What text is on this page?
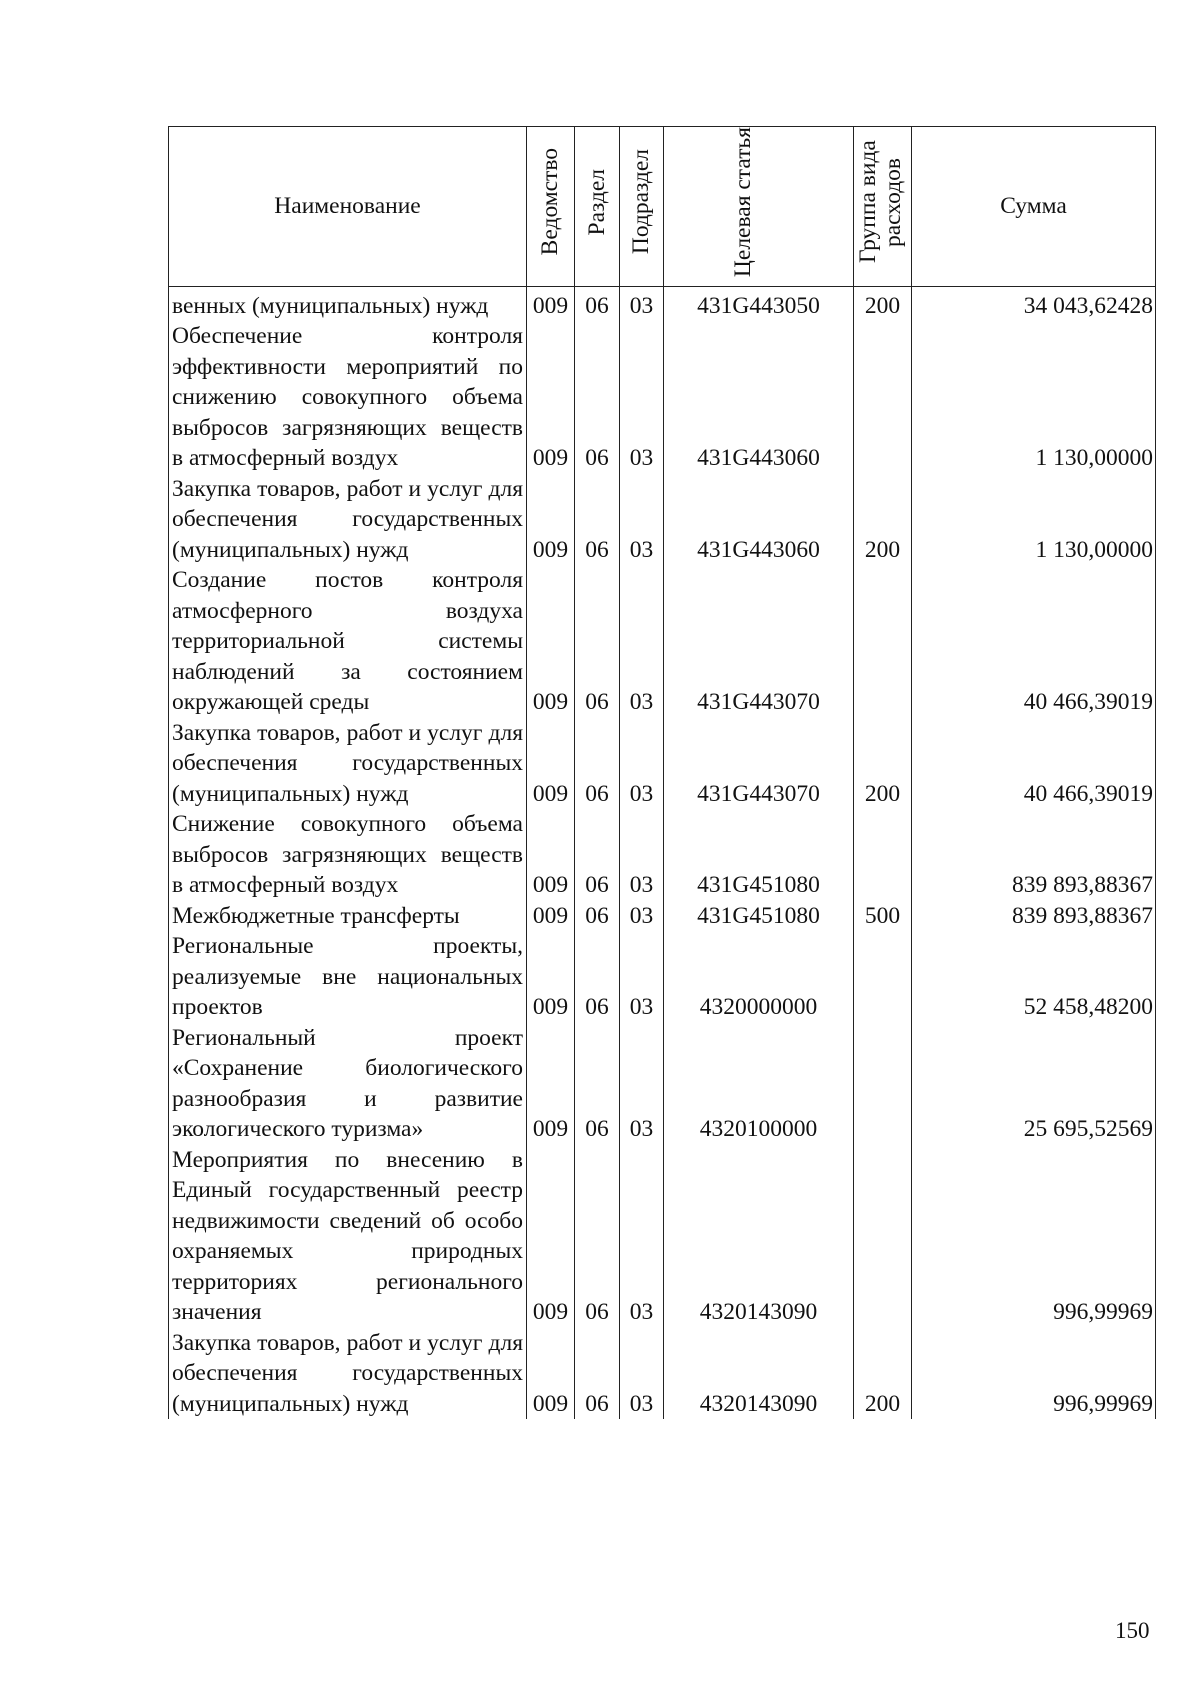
Наименование	Ведомство	Раздел	Подраздел	Целевая статья	Группа вида расходов	Сумма
венных (муниципальных) нужд	009	06	03	431G443050	200	34 043,62428
Обеспечение контроля эффективности мероприятий по снижению совокупного объема выбросов загрязняющих веществ в атмосферный воздух	009	06	03	431G443060		1 130,00000
Закупка товаров, работ и услуг для обеспечения государственных (муниципальных) нужд	009	06	03	431G443060	200	1 130,00000
Создание постов контроля атмосферного воздуха территориальной системы наблюдений за состоянием окружающей среды	009	06	03	431G443070		40 466,39019
Закупка товаров, работ и услуг для обеспечения государственных (муниципальных) нужд	009	06	03	431G443070	200	40 466,39019
Снижение совокупного объема выбросов загрязняющих веществ в атмосферный воздух	009	06	03	431G451080		839 893,88367
Межбюджетные трансферты	009	06	03	431G451080	500	839 893,88367
Региональные проекты, реализуемые вне национальных проектов	009	06	03	4320000000		52 458,48200
Региональный проект «Сохранение биологического разнообразия и развитие экологического туризма»	009	06	03	4320100000		25 695,52569
Мероприятия по внесению в Единый государственный реестр недвижимости сведений об особо охраняемых природных территориях регионального значения	009	06	03	4320143090		996,99969
Закупка товаров, работ и услуг для обеспечения государственных (муниципальных) нужд	009	06	03	4320143090	200	996,99969
150
